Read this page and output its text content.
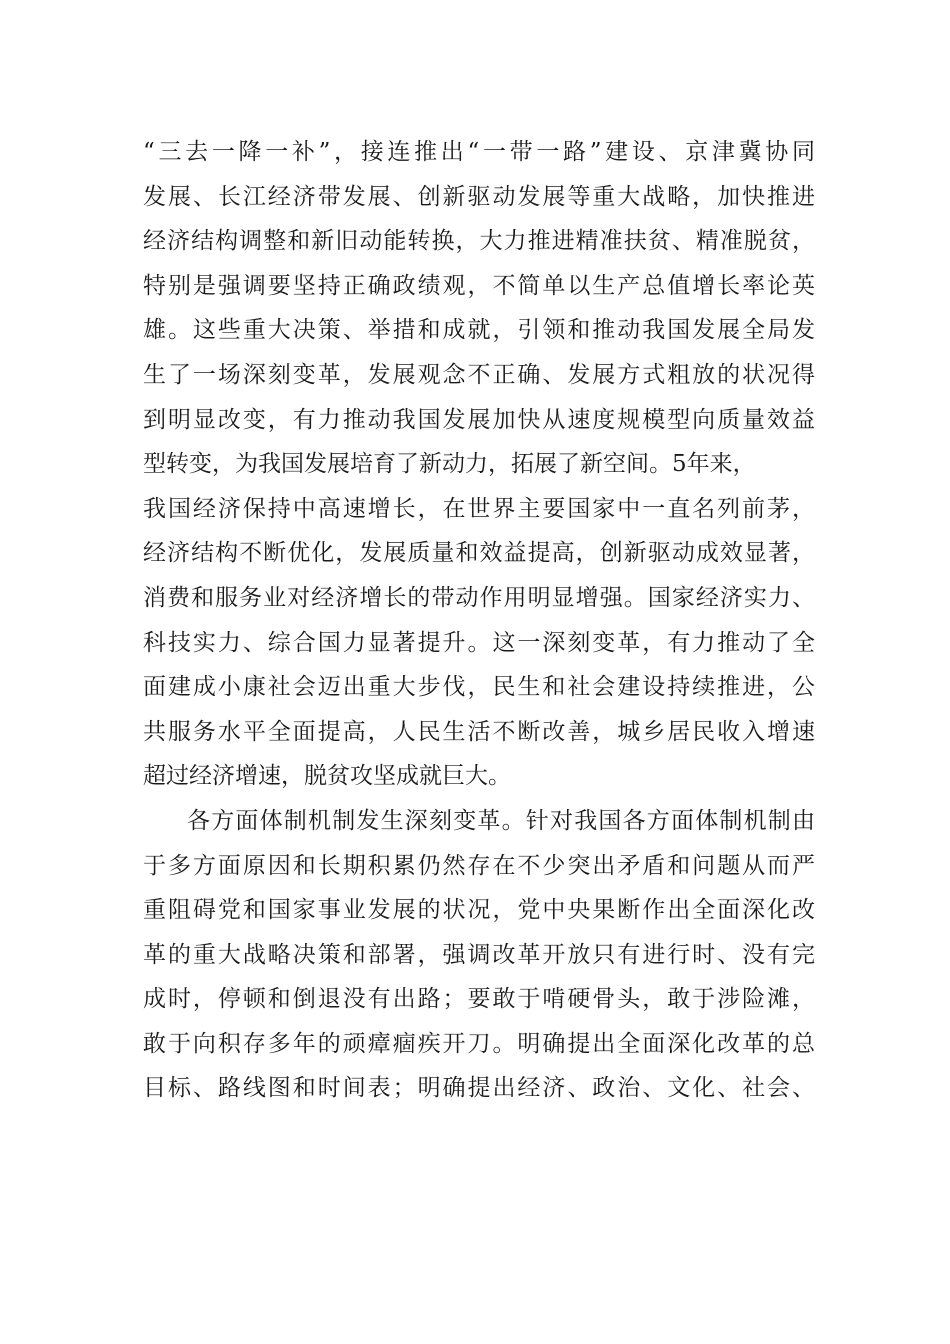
“三去一降一补”，接连推出“一带一路”建设、京津冀协同
发展、长江经济带发展、创新驱动发展等重大战略，加快推进
经济结构调整和新旧动能转换，大力推进精准扶贫、精准脱贫，
特别是强调要坚持正确政绩观，不简单以生产总值增长率论英
雄。这些重大决策、举措和成就，引领和推动我国发展全局发
生了一场深刻变革，发展观念不正确、发展方式粗放的状况得
到明显改变，有力推动我国发展加快从速度规模型向质量效益
型转变，为我国发展培育了新动力，拓展了新空间。5年来，
我国经济保持中高速增长，在世界主要国家中一直名列前茅，
经济结构不断优化，发展质量和效益提高，创新驱动成效显著，
消费和服务业对经济增长的带动作用明显增强。国家经济实力、
科技实力、综合国力显著提升。这一深刻变革，有力推动了全
面建成小康社会迈出重大步伐，民生和社会建设持续推进，公
共服务水平全面提高，人民生活不断改善，城乡居民收入增速
超过经济增速，脱贫攻坚成就巨大。
各方面体制机制发生深刻变革。针对我国各方面体制机制由
于多方面原因和长期积累仍然存在不少突出矛盾和问题从而严
重阻碍党和国家事业发展的状况，党中央果断作出全面深化改
革的重大战略决策和部署，强调改革开放只有进行时、没有完
成时，停顿和倒退没有出路；要敢于啃硬骨头，敢于涉险滩，
敢于向积存多年的顽瘴痼疾开刀。明确提出全面深化改革的总
目标、路线图和时间表；明确提出经济、政治、文化、社会、
